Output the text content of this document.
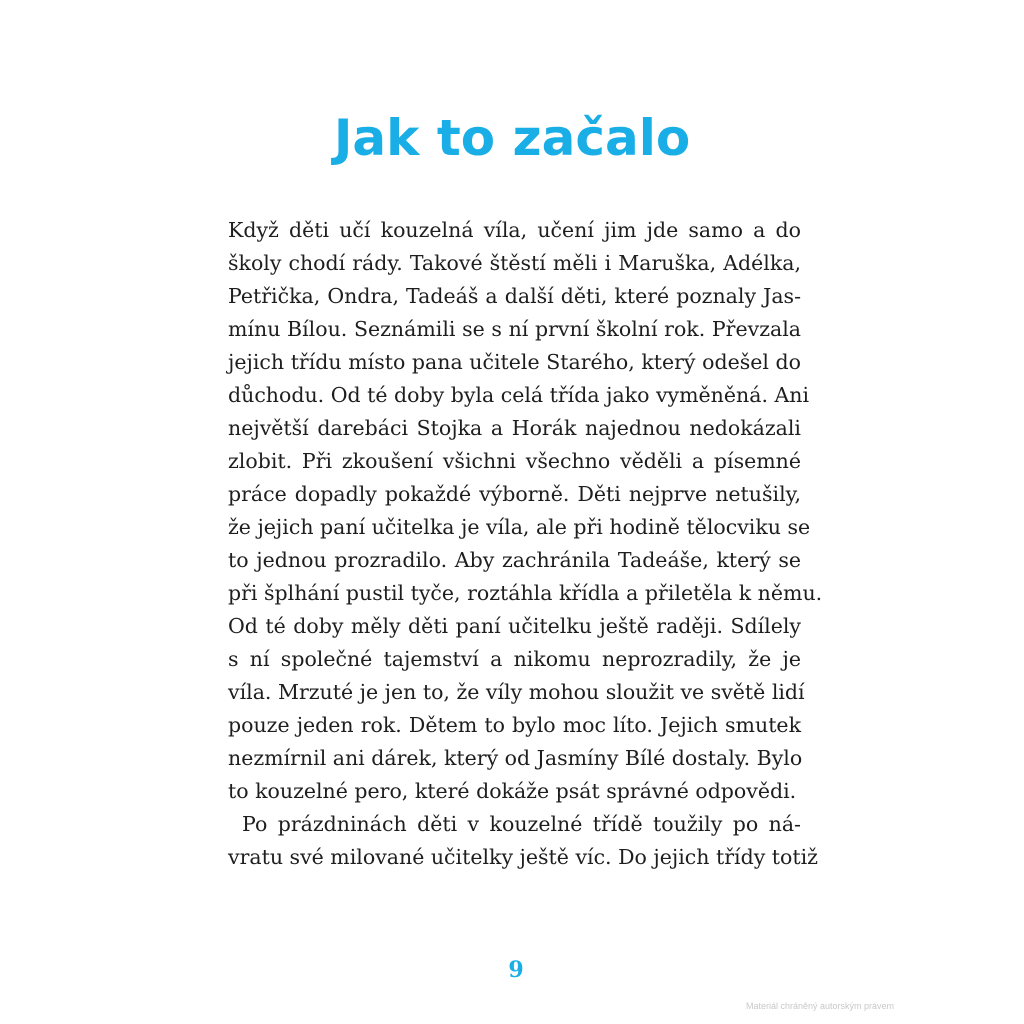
Jak to začalo
Když děti učí kouzelná víla, učení jim jde samo a do
školy chodí rády. Takové štěstí měli i Maruška, Adélka,
Petřička, Ondra, Tadeáš a další děti, které poznaly Jas-
mínu Bílou. Seznámili se s ní první školní rok. Převzala
jejich třídu místo pana učitele Starého, který odešel do
důchodu. Od té doby byla celá třída jako vyměněná. Ani
největší darebáci Stojka a Horák najednou nedokázali
zlobit. Při zkoušení všichni všechno věděli a písemné
práce dopadly pokaždé výborně. Děti nejprve netušily,
že jejich paní učitelka je víla, ale při hodině tělocviku se
to jednou prozradilo. Aby zachránila Tadeáše, který se
při šplhání pustil tyče, roztáhla křídla a přiletěla k němu.
Od té doby měly děti paní učitelku ještě raději. Sdílely
s ní společné tajemství a nikomu neprozradily, že je
víla. Mrzuté je jen to, že víly mohou sloužit ve světě lidí
pouze jeden rok. Dětem to bylo moc líto. Jejich smutek
nezmírnil ani dárek, který od Jasmíny Bílé dostaly. Bylo
to kouzelné pero, které dokáže psát správné odpovědi.
Po prázdninách děti v kouzelné třídě toužily po ná-
vratu své milované učitelky ještě víc. Do jejich třídy totiž
9
Materiál chráněný autorským právem
